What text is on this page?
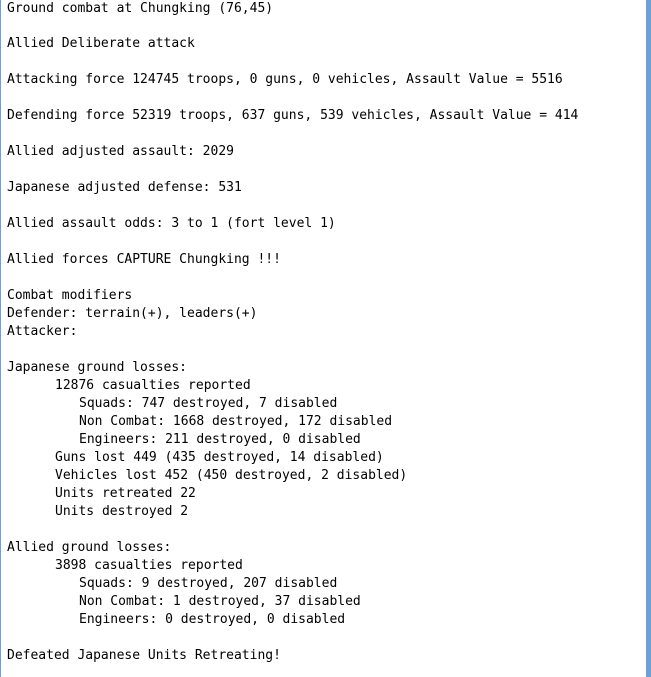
Ground combat at Chungking (76,45)
Allied Deliberate attack
Attacking force 124745 troops, 0 guns, 0 vehicles, Assault Value = 5516
Defending force 52319 troops, 637 guns, 539 vehicles, Assault Value = 414
Allied adjusted assault: 2029
Japanese adjusted defense: 531
Allied assault odds: 3 to 1 (fort level 1)
Allied forces CAPTURE Chungking !!!
Combat modifiers
Defender: terrain(+), leaders(+)
Attacker:
Japanese ground losses:
12876 casualties reported
Squads: 747 destroyed, 7 disabled
Non Combat: 1668 destroyed, 172 disabled
Engineers: 211 destroyed, 0 disabled
Guns lost 449 (435 destroyed, 14 disabled)
Vehicles lost 452 (450 destroyed, 2 disabled)
Units retreated 22
Units destroyed 2
Allied ground losses:
3898 casualties reported
Squads: 9 destroyed, 207 disabled
Non Combat: 1 destroyed, 37 disabled
Engineers: 0 destroyed, 0 disabled
Defeated Japanese Units Retreating!
